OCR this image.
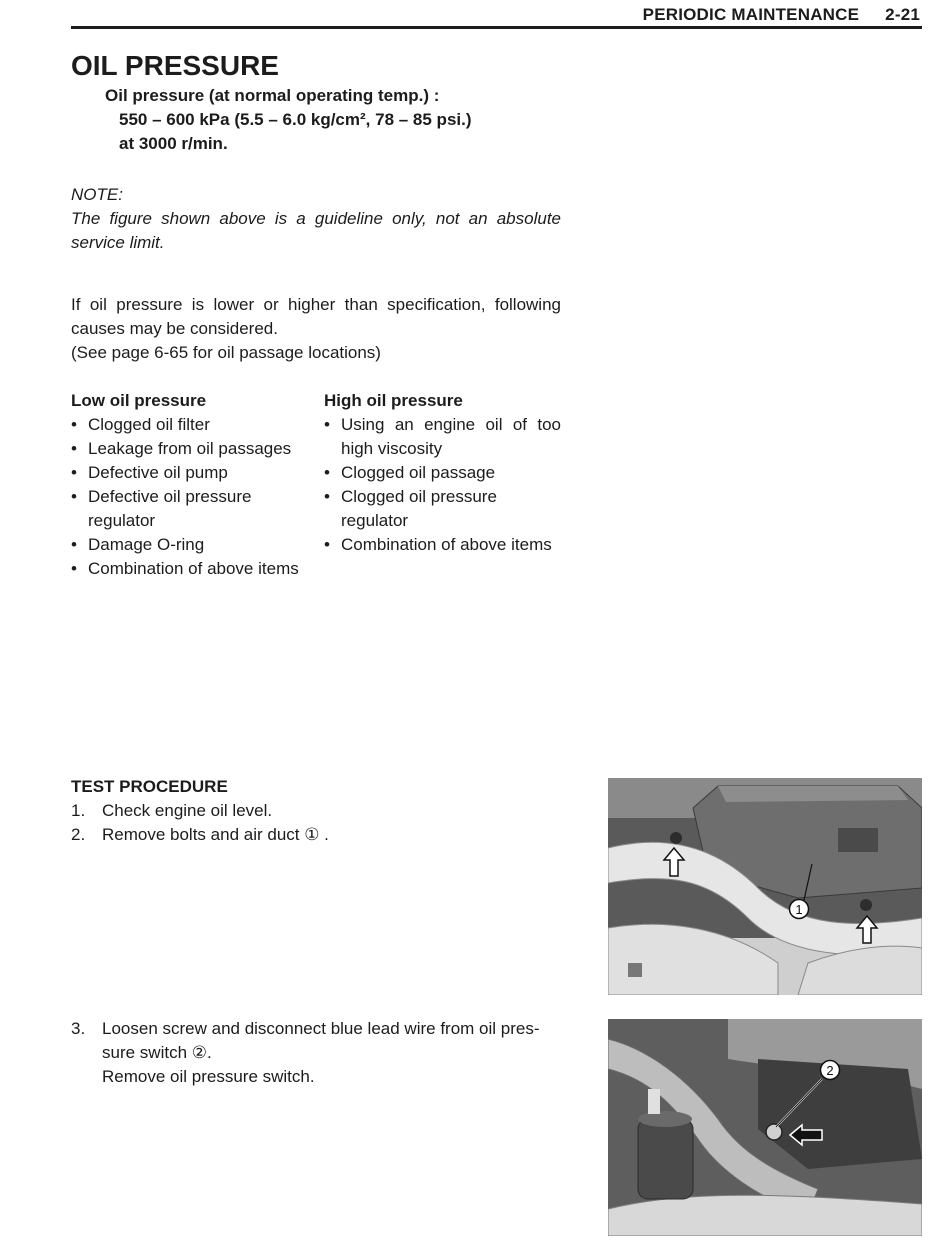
PERIODIC MAINTENANCE 2-21
OIL PRESSURE
Oil pressure (at normal operating temp.) :
550 – 600 kPa (5.5 – 6.0 kg/cm², 78 – 85 psi.)
at 3000 r/min.
NOTE:
The figure shown above is a guideline only, not an absolute
service limit.
If oil pressure is lower or higher than specification, following
causes may be considered.
(See page 6-65 for oil passage locations)
Low oil pressure
• Clogged oil filter
• Leakage from oil passages
• Defective oil pump
• Defective oil pressure regulator
• Damage O-ring
• Combination of above items
High oil pressure
• Using an engine oil of too high viscosity
• Clogged oil passage
• Clogged oil pressure regulator
• Combination of above items
TEST PROCEDURE
1. Check engine oil level.
2. Remove bolts and air duct ① .
3. Loosen screw and disconnect blue lead wire from oil pres-
sure switch ②.
Remove oil pressure switch.
1
2
